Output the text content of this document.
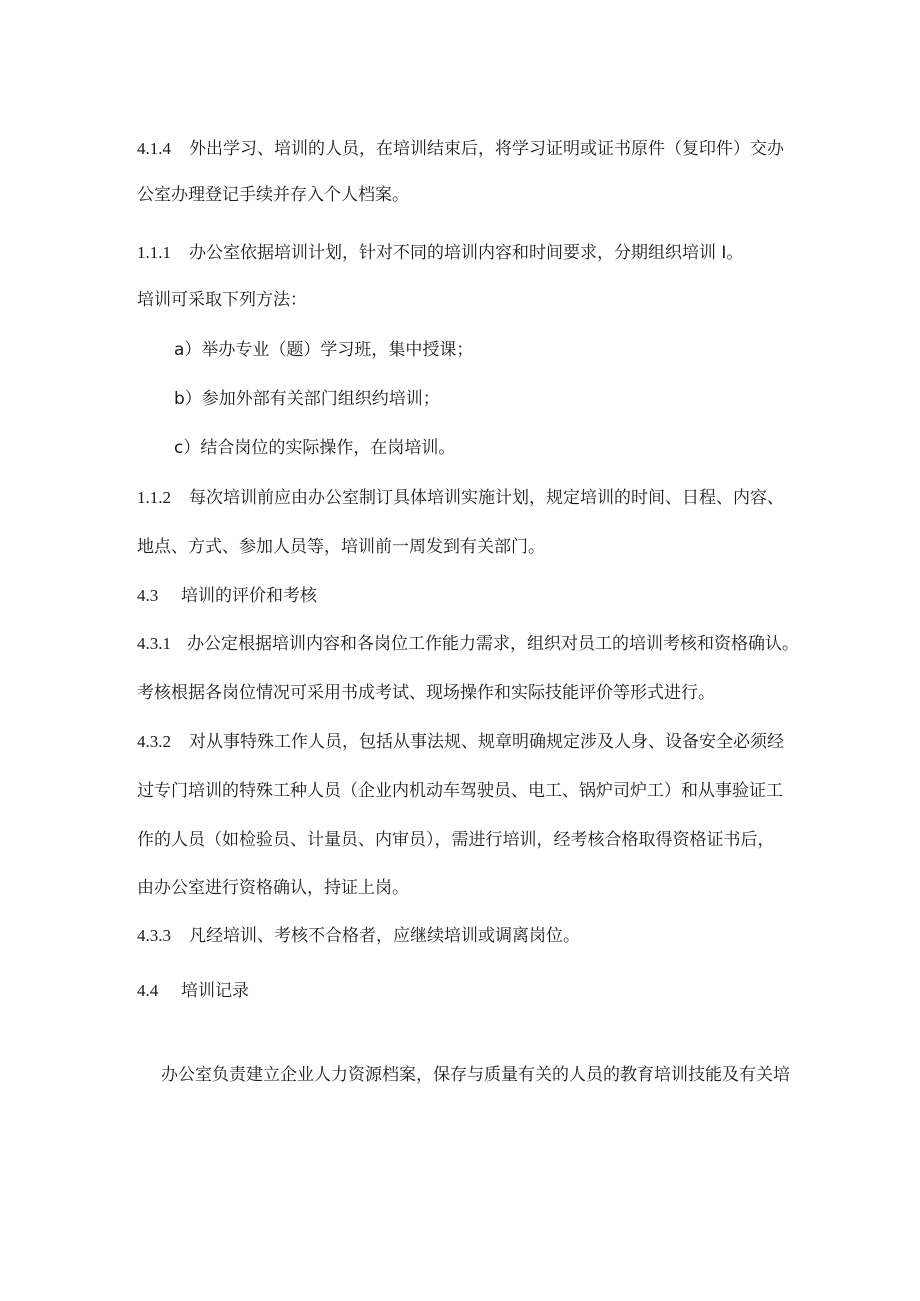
4.1.4 外出学习、培训的人员，在培训结束后，将学习证明或证书原件（复印件）交办
公室办理登记手续并存入个人档案。
1.1.1 办公室依据培训计划，针对不同的培训内容和时间要求，分期组织培训 I。
培训可采取下列方法：
a）举办专业（题）学习班，集中授课；
b）参加外部有关部门组织约培训；
c）结合岗位的实际操作，在岗培训。
1.1.2 每次培训前应由办公室制订具体培训实施计划，规定培训的时间、日程、内容、
地点、方式、参加人员等，培训前一周发到有关部门。
4.3 培训的评价和考核
4.3.1 办公定根据培训内容和各岗位工作能力需求，组织对员工的培训考核和资格确认。
考核根据各岗位情况可采用书成考试、现场操作和实际技能评价等形式进行。
4.3.2 对从事特殊工作人员，包括从事法规、规章明确规定涉及人身、设备安全必须经
过专门培训的特殊工种人员（企业内机动车驾驶员、电工、锅炉司炉工）和从事验证工
作的人员（如检验员、计量员、内审员），需进行培训，经考核合格取得资格证书后，
由办公室进行资格确认，持证上岗。
4.3.3 凡经培训、考核不合格者，应继续培训或调离岗位。
4.4 培训记录
办公室负责建立企业人力资源档案，保存与质量有关的人员的教育培训技能及有关培
